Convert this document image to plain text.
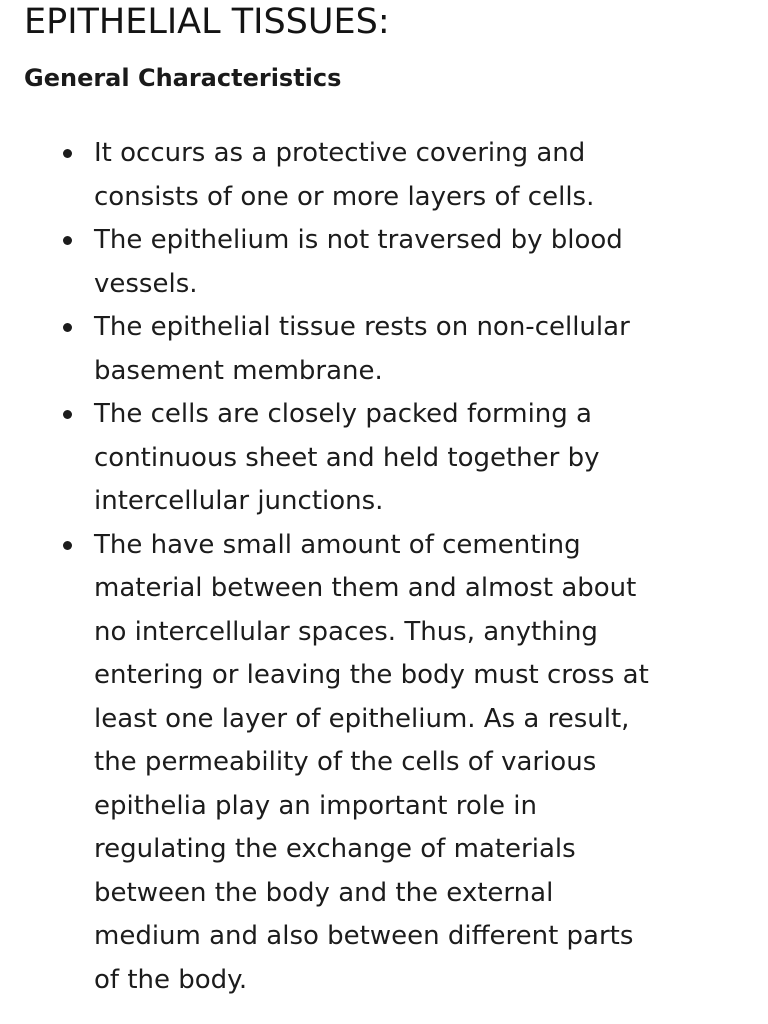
EPITHELIAL TISSUES:
General Characteristics
It occurs as a protective covering and
consists of one or more layers of cells.
The epithelium is not traversed by blood
vessels.
The epithelial tissue rests on non-cellular
basement membrane.
The cells are closely packed forming a
continuous sheet and held together by
intercellular junctions.
The have small amount of cementing
material between them and almost about
no intercellular spaces. Thus, anything
entering or leaving the body must cross at
least one layer of epithelium. As a result,
the permeability of the cells of various
epithelia play an important role in
regulating the exchange of materials
between the body and the external
medium and also between different parts
of the body.
